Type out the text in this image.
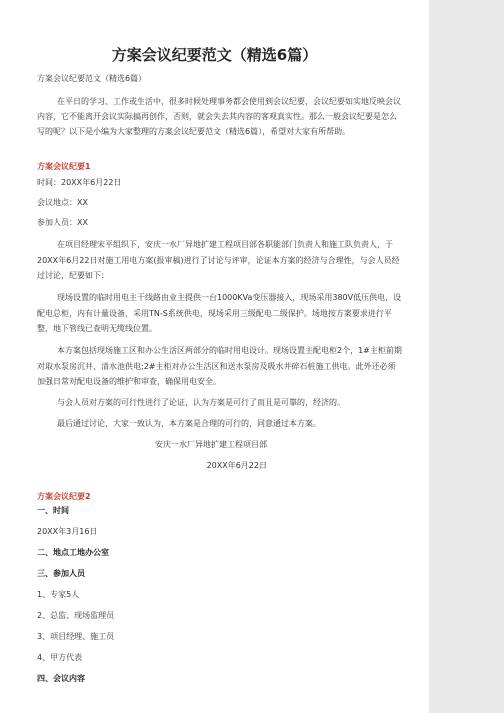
方案会议纪要范文（精选6篇）
方案会议纪要范文（精选6篇）
在平日的学习、工作或生活中，很多时候处理事务都会使用到会议纪要，会议纪要如实地反映会议
内容，它不能离开会议实际搞再创作，否则，就会失去其内容的客观真实性。那么一般会议纪要是怎么
写的呢？以下是小编为大家整理的方案会议纪要范文（精选6篇），希望对大家有所帮助。
方案会议纪要1
时间：20XX年6月22日
会议地点：XX
参加人员：XX
在项目经理宋平组织下，安庆一水厂异地扩建工程项目部各职能部门负责人和施工队负责人，于
20XX年6月22日对施工用电方案(报审稿)进行了讨论与评审，论证本方案的经济与合理性，与会人员经
过讨论，纪要如下：
现场设置的临时用电主干线路由业主提供一台1000KVa变压器接入，现场采用380V低压供电，设
配电总柜，内有计量设备，采用TN-S系统供电，现场采用三级配电二级保护。场地按方案要求进行平
整，地下管线已查明无缆线位置。
本方案包括现场施工区和办公生活区两部分的临时用电设计。现场设置主配电柜2个，1#主柜前期
对取水泵房沉井、清水池供电;2#主柜对办公生活区和送水泵房及吸水井碎石桩施工供电。此外还必须
加强日常对配电设备的维护和审查，确保用电安全。
与会人员对方案的可行性进行了论证，认为方案是可行了而且是可靠的，经济的。
最后通过讨论，大家一致认为，本方案是合理的可行的，同意通过本方案。
安庆一水厂异地扩建工程项目部
20XX年6月22日
方案会议纪要2
一、时间
20XX年3月16日
二、地点工地办公室
三、参加人员
1、专家5人
2、总监、现场监理员
3、项目经理、施工员
4、甲方代表
四、会议内容
